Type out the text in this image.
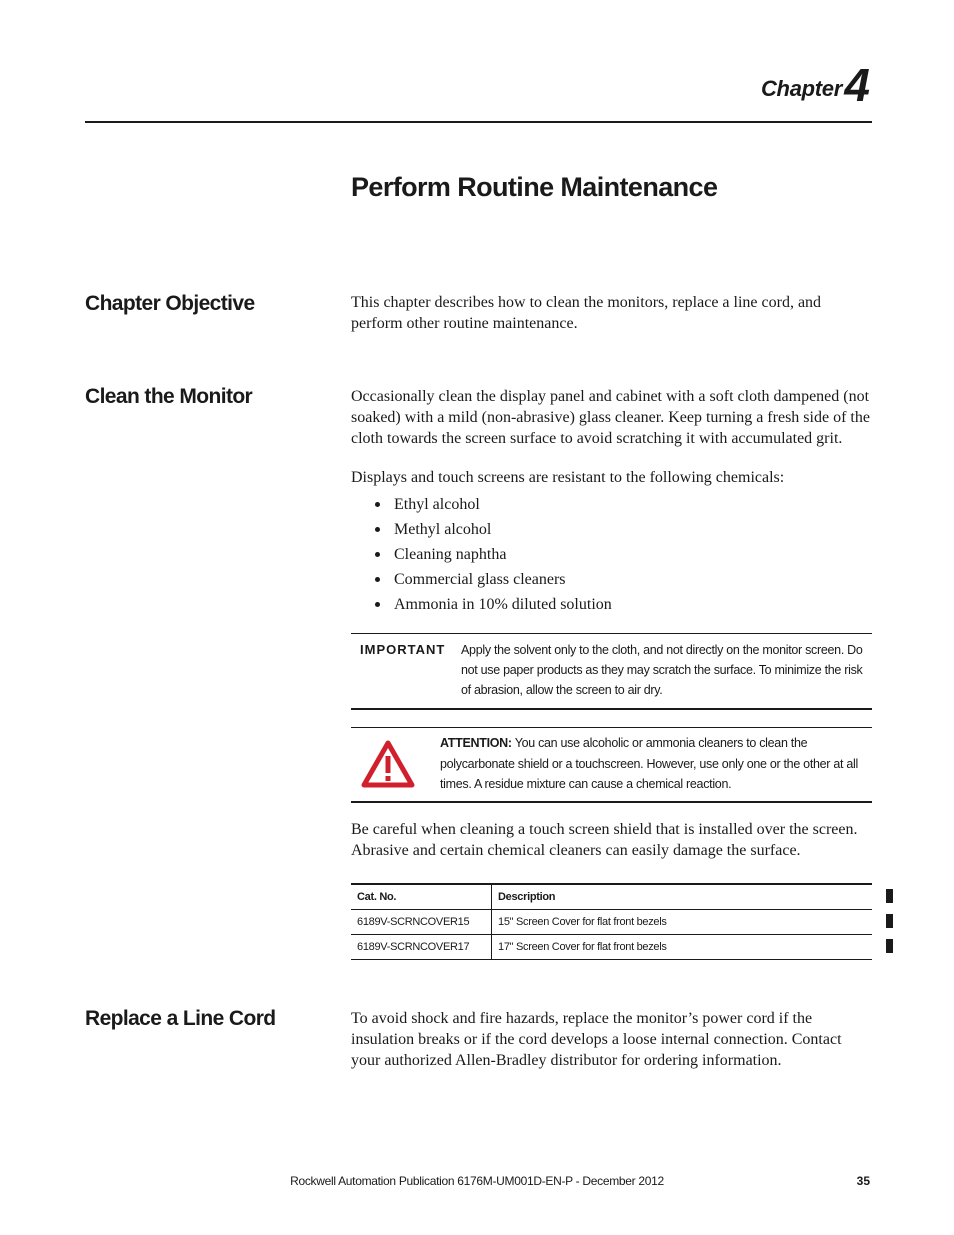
Chapter 4
Perform Routine Maintenance
Chapter Objective	This chapter describes how to clean the monitors, replace a line cord, and perform other routine maintenance.
Clean the Monitor	Occasionally clean the display panel and cabinet with a soft cloth dampened (not soaked) with a mild (non-abrasive) glass cleaner. Keep turning a fresh side of the cloth towards the screen surface to avoid scratching it with accumulated grit.
Displays and touch screens are resistant to the following chemicals:
Ethyl alcohol
Methyl alcohol
Cleaning naphtha
Commercial glass cleaners
Ammonia in 10% diluted solution
IMPORTANT Apply the solvent only to the cloth, and not directly on the monitor screen. Do not use paper products as they may scratch the surface. To minimize the risk of abrasion, allow the screen to air dry.
ATTENTION: You can use alcoholic or ammonia cleaners to clean the polycarbonate shield or a touchscreen. However, use only one or the other at all times. A residue mixture can cause a chemical reaction.
Be careful when cleaning a touch screen shield that is installed over the screen. Abrasive and certain chemical cleaners can easily damage the surface.
Cat. No.	Description
6189V-SCRNCOVER15	15" Screen Cover for flat front bezels
6189V-SCRNCOVER17	17" Screen Cover for flat front bezels
Replace a Line Cord	To avoid shock and fire hazards, replace the monitor’s power cord if the insulation breaks or if the cord develops a loose internal connection. Contact your authorized Allen-Bradley distributor for ordering information.
Rockwell Automation Publication 6176M-UM001D-EN-P - December 2012	35
